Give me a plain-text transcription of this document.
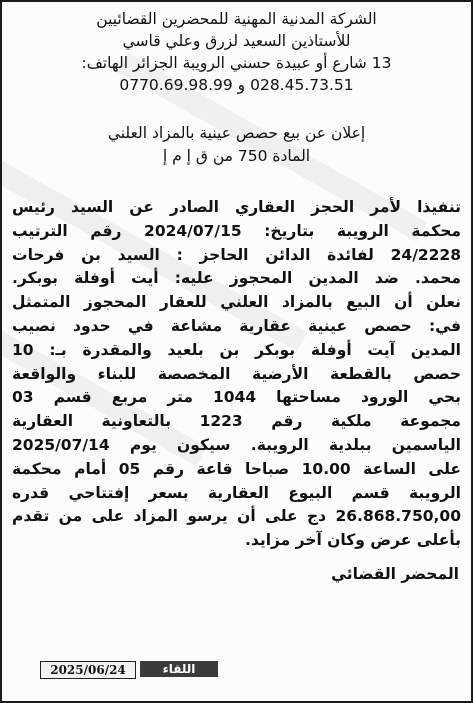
الشركة المدنية المهنية للمحضرين القضائيين
للأستاذين السعيد لزرق وعلي قاسي
13 شارع أو عبيدة حسني الرويبة الجزائر الهاتف:
028.45.73.51 و 0770.69.98.99
إعلان عن بيع حصص عينية بالمزاد العلني
المادة 750 من ق إ م إ
تنفيذا لأمر الحجز العقاري الصادر عن السيد رئيس
محكمة الرويبة بتاريخ: 2024/07/15 رقم الترتيب
24/2228 لفائدة الدائن الحاجز : السيد بن فرحات
محمد. ضد المدين المحجوز عليه: أيت أوفلة بوبكر.
نعلن أن البيع بالمزاد العلني للعقار المحجوز المتمثل
في: حصص عينية عقارية مشاعة في حدود نصيب
المدين آيت أوفلة بوبكر بن بلعيد والمقدرة بـ: 10
حصص بالقطعة الأرضية المخصصة للبناء والواقعة
بحي الورود مساحتها 1044 متر مربع قسم 03
مجموعة ملكية رقم 1223 بالتعاونية العقارية
الياسمين ببلدية الرويبة. سيكون يوم 2025/07/14
على الساعة 10.00 صباحا قاعة رقم 05 أمام محكمة
الرويبة قسم البيوع العقارية بسعر إفتتاحي قدره
26.868.750,00 دج على أن يرسو المزاد على من تقدم
بأعلى عرض وكان آخر مزايد.
المحضر القضائي
2025/06/24	اللقاء
